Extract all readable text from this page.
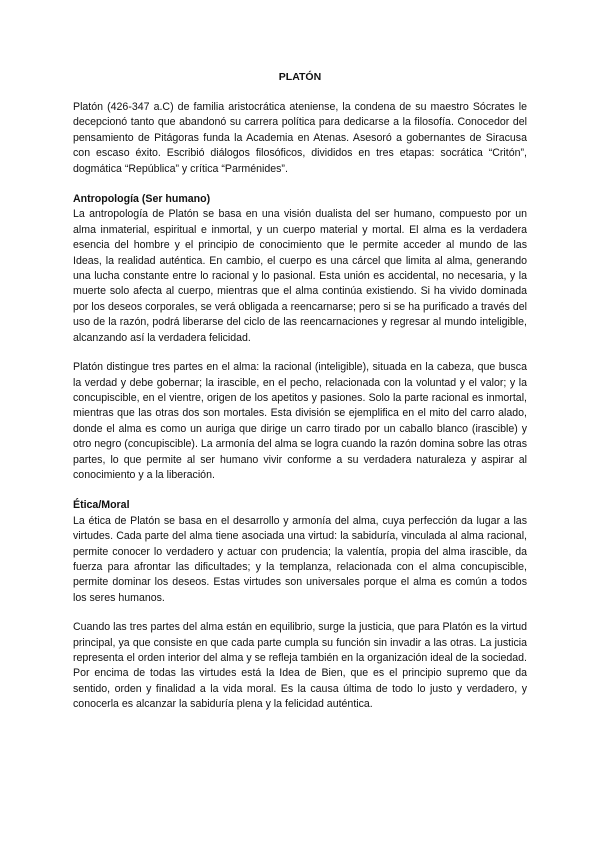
PLATÓN

Platón (426-347 a.C) de familia aristocrática ateniense, la condena de su maestro Sócrates le decepcionó tanto que abandonó su carrera política para dedicarse a la filosofía. Conocedor del pensamiento de Pitágoras funda la Academia en Atenas. Asesoró a gobernantes de Siracusa con escaso éxito. Escribió diálogos filosóficos, divididos en tres etapas: socrática “Critón”, dogmática “República” y crítica “Parménides”.

Antropología (Ser humano)

La antropología de Platón se basa en una visión dualista del ser humano, compuesto por un alma inmaterial, espiritual e inmortal, y un cuerpo material y mortal. El alma es la verdadera esencia del hombre y el principio de conocimiento que le permite acceder al mundo de las Ideas, la realidad auténtica. En cambio, el cuerpo es una cárcel que limita al alma, generando una lucha constante entre lo racional y lo pasional. Esta unión es accidental, no necesaria, y la muerte solo afecta al cuerpo, mientras que el alma continúa existiendo. Si ha vivido dominada por los deseos corporales, se verá obligada a reencarnarse; pero si se ha purificado a través del uso de la razón, podrá liberarse del ciclo de las reencarnaciones y regresar al mundo inteligible, alcanzando así la verdadera felicidad.

Platón distingue tres partes en el alma: la racional (inteligible), situada en la cabeza, que busca la verdad y debe gobernar; la irascible, en el pecho, relacionada con la voluntad y el valor; y la concupiscible, en el vientre, origen de los apetitos y pasiones. Solo la parte racional es inmortal, mientras que las otras dos son mortales. Esta división se ejemplifica en el mito del carro alado, donde el alma es como un auriga que dirige un carro tirado por un caballo blanco (irascible) y otro negro (concupiscible). La armonía del alma se logra cuando la razón domina sobre las otras partes, lo que permite al ser humano vivir conforme a su verdadera naturaleza y aspirar al conocimiento y a la liberación.

Ética/Moral

La ética de Platón se basa en el desarrollo y armonía del alma, cuya perfección da lugar a las virtudes. Cada parte del alma tiene asociada una virtud: la sabiduría, vinculada al alma racional, permite conocer lo verdadero y actuar con prudencia; la valentía, propia del alma irascible, da fuerza para afrontar las dificultades; y la templanza, relacionada con el alma concupiscible, permite dominar los deseos. Estas virtudes son universales porque el alma es común a todos los seres humanos.

Cuando las tres partes del alma están en equilibrio, surge la justicia, que para Platón es la virtud principal, ya que consiste en que cada parte cumpla su función sin invadir a las otras. La justicia representa el orden interior del alma y se refleja también en la organización ideal de la sociedad. Por encima de todas las virtudes está la Idea de Bien, que es el principio supremo que da sentido, orden y finalidad a la vida moral. Es la causa última de todo lo justo y verdadero, y conocerla es alcanzar la sabiduría plena y la felicidad auténtica.
